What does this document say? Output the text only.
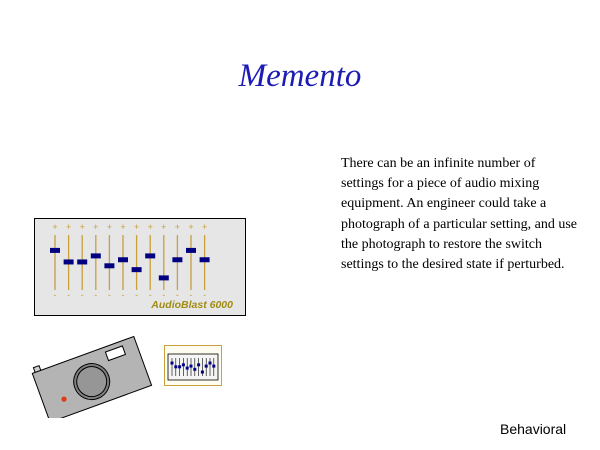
Memento

There can be an infinite number of settings for a piece of audio mixing equipment. An engineer could take a photograph of a particular setting, and use the photograph to restore the switch settings to the desired state if perturbed.

Behavioral
+
-
+
-
+
-
+
-
+
-
+
-
+
-
+
-
+
-
+
-
+
-
+
-
AudioBlast 6000
